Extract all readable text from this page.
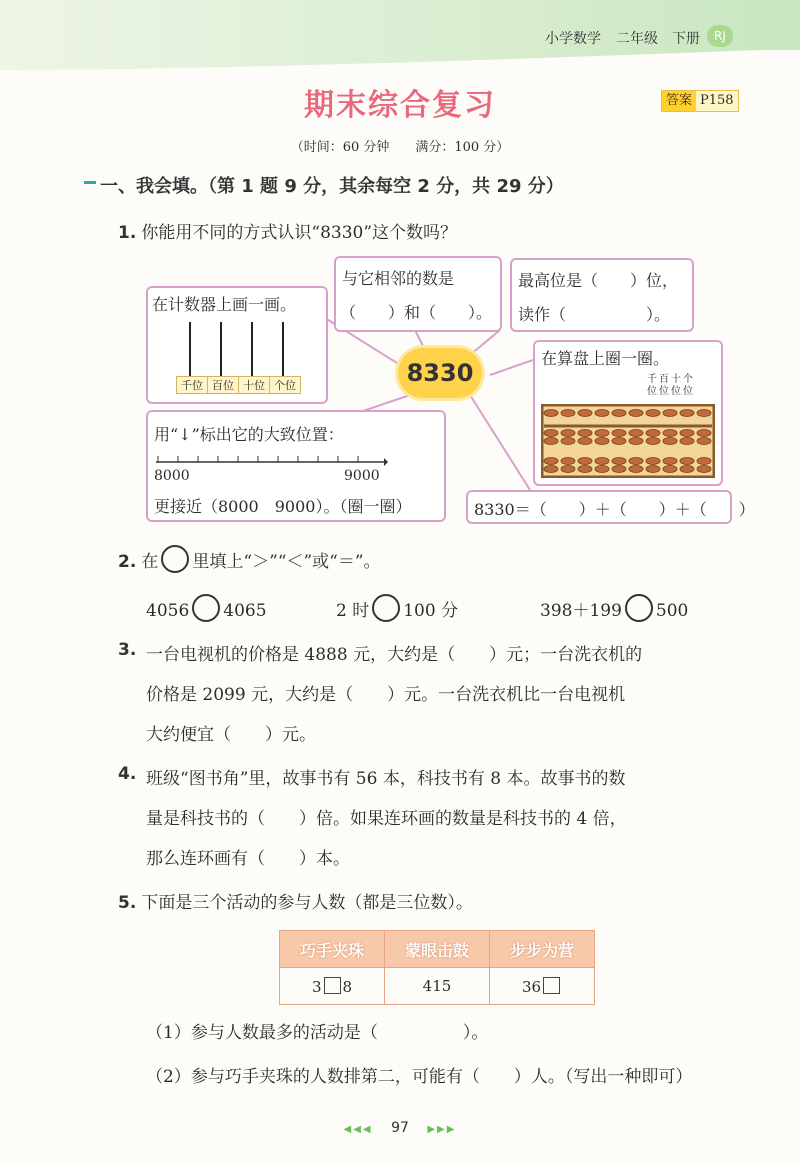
小学数学 二年级 下册	RJ
期末综合复习	答案 P158
（时间：60 分钟　　满分：100 分）
一、我会填。（第 1 题 9 分，其余每空 2 分，共 29 分）
1. 你能用不同的方式认识“8330”这个数吗？
在计数器上画一画。
千位 百位 十位 个位
与它相邻的数是
（　　）和（　　）。
最高位是（　　）位，
读作（　　　　　）。
8330
在算盘上圈一圈。
千百十个
位位位位
用“↓”标出它的大致位置：
8000	9000
更接近（8000　9000）。（圈一圈）	8330＝（　　）＋（　　）＋（　　）
2. 在 里填上“＞”“＜”或“＝”。
4056 4065	2 时 100 分	398＋199 500
3. 一台电视机的价格是 4888 元，大约是（　　）元；一台洗衣机的
价格是 2099 元，大约是（　　）元。一台洗衣机比一台电视机
大约便宜（　　）元。
4. 班级“图书角”里，故事书有 56 本，科技书有 8 本。故事书的数
量是科技书的（　　）倍。如果连环画的数量是科技书的 4 倍，
那么连环画有（　　）本。
5. 下面是三个活动的参与人数（都是三位数）。
巧手夹珠	蒙眼击鼓	步步为营
3 8	415	36
（1）参与人数最多的活动是（　　　　　）。
（2）参与巧手夹珠的人数排第二，可能有（　　）人。（写出一种即可）
◀◀◀ 97 ▶▶▶
